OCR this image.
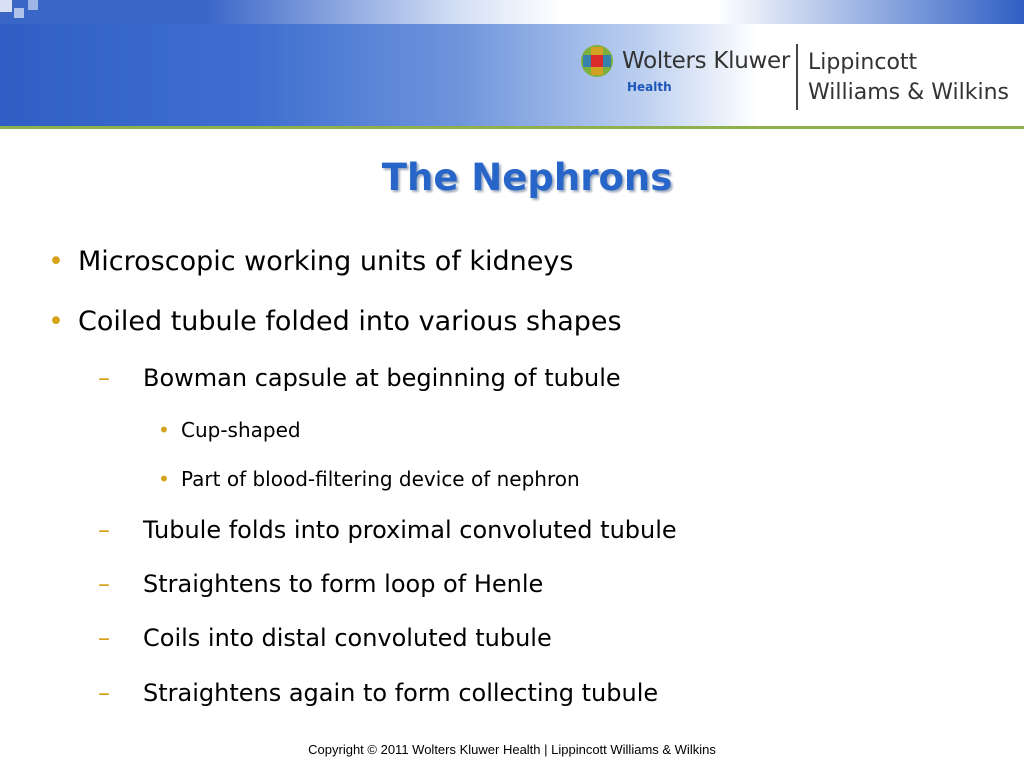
Wolters Kluwer
Health
Lippincott
Williams & Wilkins
The Nephrons
• Microscopic working units of kidneys
• Coiled tubule folded into various shapes
– Bowman capsule at beginning of tubule
• Cup-shaped
• Part of blood-filtering device of nephron
– Tubule folds into proximal convoluted tubule
– Straightens to form loop of Henle
– Coils into distal convoluted tubule
– Straightens again to form collecting tubule
Copyright © 2011 Wolters Kluwer Health | Lippincott Williams & Wilkins
